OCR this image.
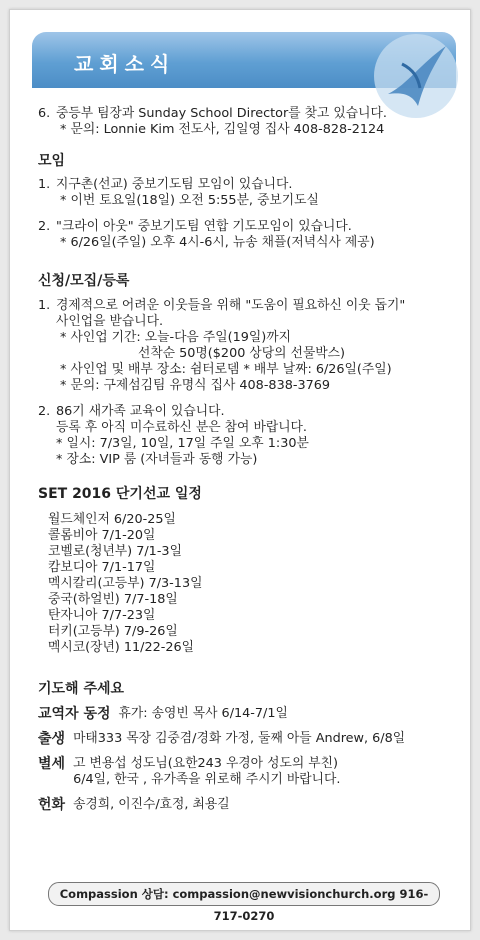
교회소식
6. 중등부 팀장과 Sunday School Director를 찾고 있습니다.
* 문의: Lonnie Kim 전도사, 김일영 집사 408-828-2124
모임
1. 지구촌(선교) 중보기도팀 모임이 있습니다.
* 이번 토요일(18일) 오전 5:55분, 중보기도실
2. "크라이 아웃" 중보기도팀 연합 기도모임이 있습니다.
* 6/26일(주일) 오후 4시-6시, 뉴송 채플(저녁식사 제공)
신청/모집/등록
1. 경제적으로 어려운 이웃들을 위해 "도움이 필요하신 이웃 돕기"
사인업을 받습니다.
* 사인업 기간: 오늘-다음 주일(19일)까지
선착순 50명($200 상당의 선물박스)
* 사인업 및 배부 장소: 쉼터로뎀 * 배부 날짜: 6/26일(주일)
* 문의: 구제섬김팀 유명식 집사 408-838-3769
2. 86기 새가족 교육이 있습니다.
등록 후 아직 미수료하신 분은 참여 바랍니다.
* 일시: 7/3일, 10일, 17일 주일 오후 1:30분
* 장소: VIP 룸 (자녀들과 동행 가능)
SET 2016 단기선교 일정
월드체인저 6/20-25일
콜롬비아 7/1-20일
코벨로(청년부) 7/1-3일
캄보디아 7/1-17일
멕시칼리(고등부) 7/3-13일
중국(하얼빈) 7/7-18일
탄자니아 7/7-23일
터키(고등부) 7/9-26일
멕시코(장년) 11/22-26일
기도해 주세요
교역자 동정 휴가: 송영빈 목사 6/14-7/1일
출생 마태333 목장 김중겸/경화 가정, 둘째 아들 Andrew, 6/8일
별세 고 변용섭 성도님(요한243 우경아 성도의 부친)
6/4일, 한국 , 유가족을 위로해 주시기 바랍니다.
헌화 송경희, 이진수/효정, 최용길
Compassion 상담: compassion@newvisionchurch.org 916-717-0270
